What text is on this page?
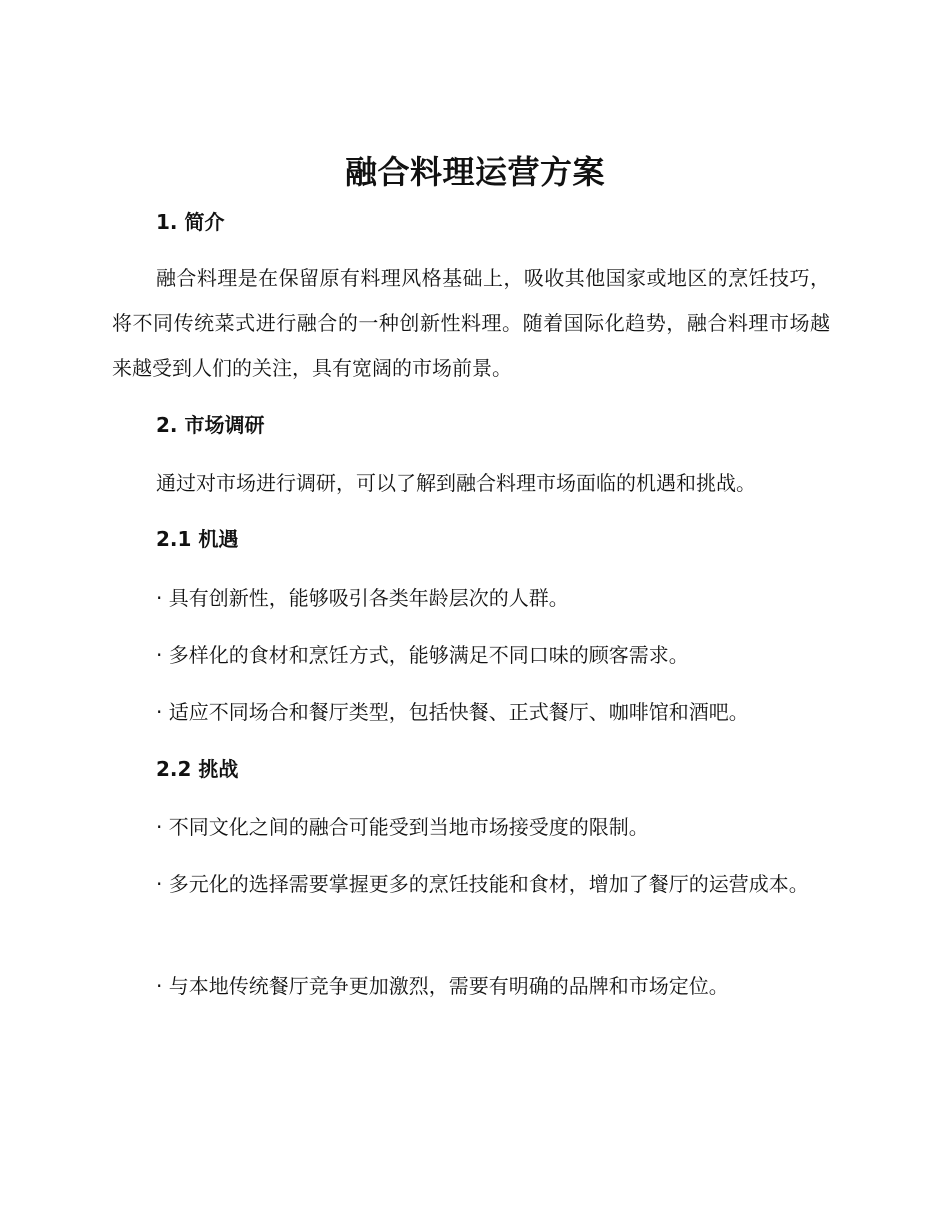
融合料理运营方案

1. 简介

融合料理是在保留原有料理风格基础上，吸收其他国家或地区的烹饪技巧，将不同传统菜式进行融合的一种创新性料理。随着国际化趋势，融合料理市场越来越受到人们的关注，具有宽阔的市场前景。

2. 市场调研

通过对市场进行调研，可以了解到融合料理市场面临的机遇和挑战。

2.1 机遇

· 具有创新性，能够吸引各类年龄层次的人群。

· 多样化的食材和烹饪方式，能够满足不同口味的顾客需求。

· 适应不同场合和餐厅类型，包括快餐、正式餐厅、咖啡馆和酒吧。

2.2 挑战

· 不同文化之间的融合可能受到当地市场接受度的限制。

· 多元化的选择需要掌握更多的烹饪技能和食材，增加了餐厅的运营成本。

· 与本地传统餐厅竞争更加激烈，需要有明确的品牌和市场定位。
